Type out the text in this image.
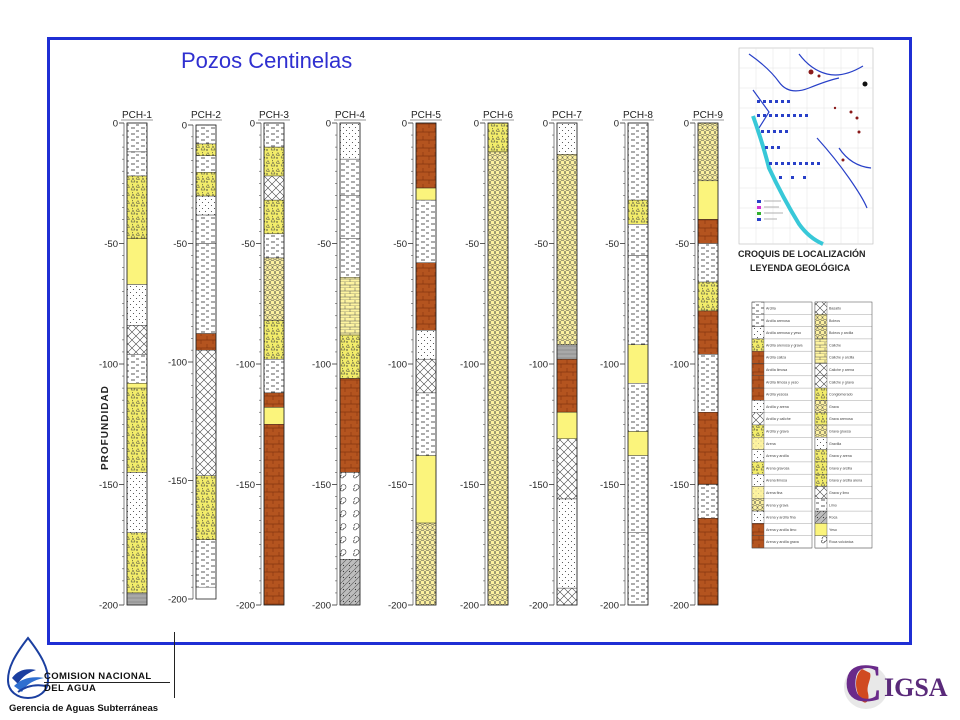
Pozos Centinelas
PROFUNDIDAD
PCH-1
0
-50
-100
-150
-200
PCH-2
0
-50
-100
-150
-200
PCH-3
0
-50
-100
-150
-200
PCH-4
0
-50
-100
-150
-200
PCH-5
0
-50
-100
-150
-200
PCH-6
0
-50
-100
-150
-200
PCH-7
0
-50
-100
-150
-200
PCH-8
0
-50
-100
-150
-200
PCH-9
0
-50
-100
-150
-200
CROQUIS DE LOCALIZACIÓN
LEYENDA GEOLÓGICA
Arcilla	Basalto
Arcilla arenosa	Boleos
Arcilla arenosa y yeso	Boleos y arcilla
Arcilla arenosa y grava	Caliche
Arcilla caliza	Caliche y arcilla
Arcilla limosa	Caliche y arena
Arcilla limosa y yeso	Caliche y grava
Arcilla yesosa	Conglomerado
Arcilla y arena	Grava
Arcilla y caliche	Grava arenosa
Arcilla y grava	Grava gruesa
Arena	Gravilla
Arena y arcilla	Grava y arena
Arena gravosa	Grava y arcilla
Arena limosa	Grava y arcilla arena
Arena fina	Grava y limo
Arena y grava	Limo
Arena y arcilla fina	Roca
Arena y arcilla limo	Yeso
Arena y arcilla grava	Roca volcánica
COMISION NACIONAL
DEL AGUA
Gerencia de Aguas Subterráneas	C IGSA
